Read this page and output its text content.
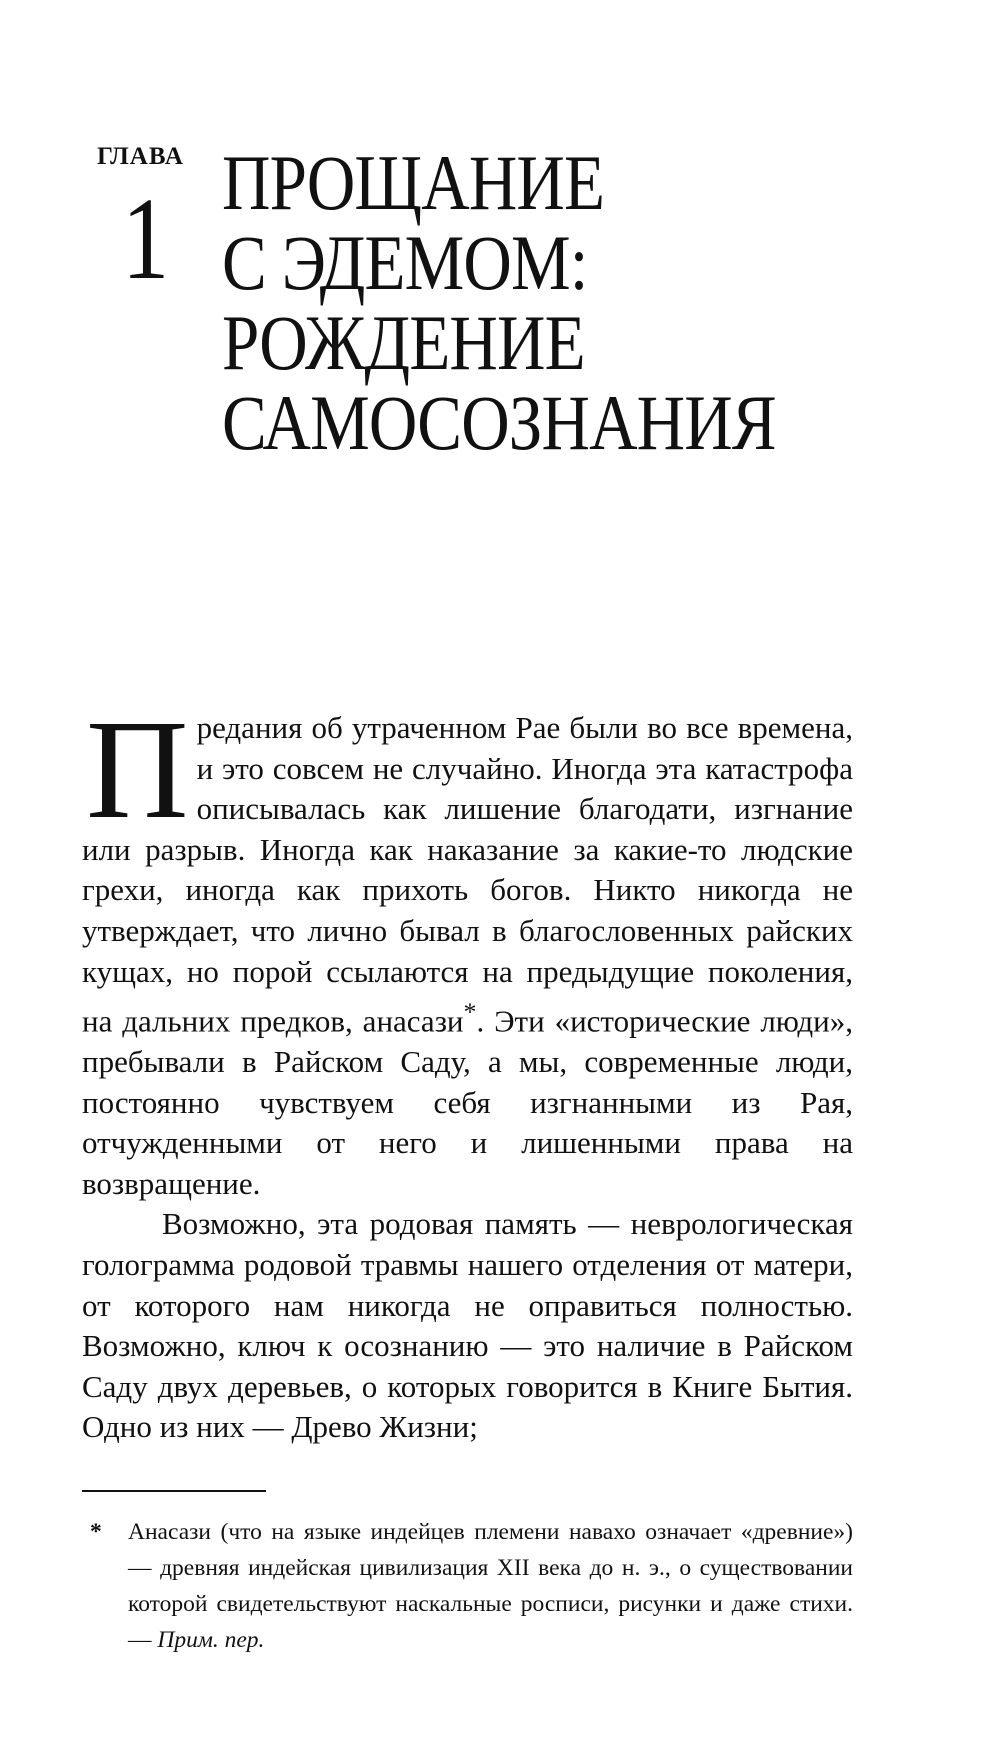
ГЛАВА
1 ПРОЩАНИЕ
С ЭДЕМОМ:
РОЖДЕНИЕ
САМОСОЗНАНИЯ

Предания об утраченном Рае были во все времена, и это совсем не случайно. Иногда эта катастрофа описывалась как лишение благодати, изгнание или разрыв. Иногда как наказание за какие-то людские грехи, иногда как прихоть богов. Никто никогда не утверждает, что лично бывал в благословенных райских кущах, но порой ссылаются на предыдущие поколения, на дальних предков, анасази*. Эти «исторические люди», пребывали в Райском Саду, а мы, современные люди, постоянно чувствуем себя изгнанными из Рая, отчужденными от него и лишенными права на возвращение.

Возможно, эта родовая память — неврологическая голограмма родовой травмы нашего отделения от матери, от которого нам никогда не оправиться полностью. Возможно, ключ к осознанию — это наличие в Райском Саду двух деревьев, о которых говорится в Книге Бытия. Одно из них — Древо Жизни;

* Анасази (что на языке индейцев племени навахо означает «древние») — древняя индейская цивилизация XII века до н. э., о существовании которой свидетельствуют наскальные росписи, рисунки и даже стихи. — Прим. пер.
